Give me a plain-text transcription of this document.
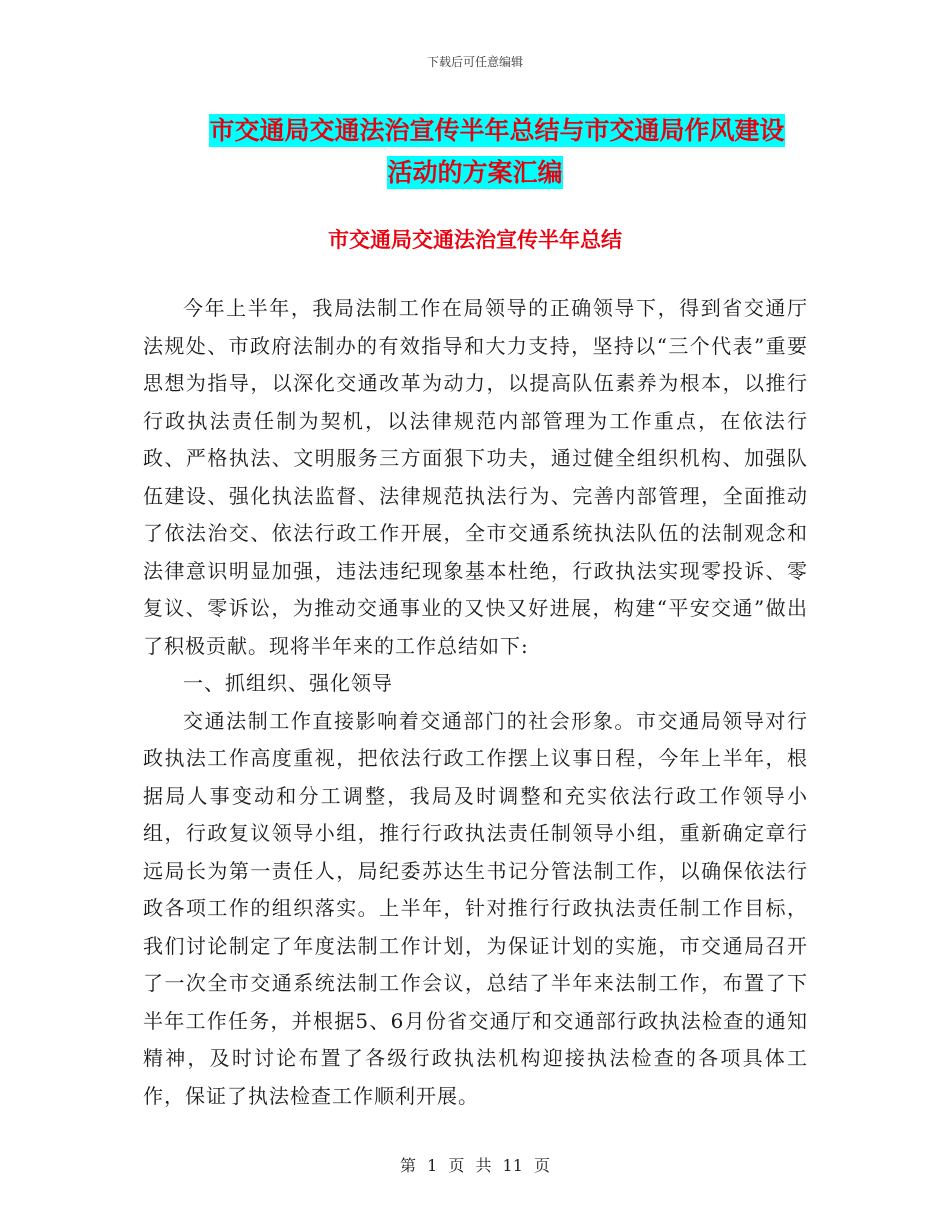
下载后可任意编辑
市交通局交通法治宣传半年总结与市交通局作风建设
活动的方案汇编
市交通局交通法治宣传半年总结

今年上半年，我局法制工作在局领导的正确领导下，得到省交通厅法规处、市政府法制办的有效指导和大力支持，坚持以“三个代表”重要思想为指导，以深化交通改革为动力，以提高队伍素养为根本，以推行行政执法责任制为契机，以法律规范内部管理为工作重点，在依法行政、严格执法、文明服务三方面狠下功夫，通过健全组织机构、加强队伍建设、强化执法监督、法律规范执法行为、完善内部管理，全面推动了依法治交、依法行政工作开展，全市交通系统执法队伍的法制观念和法律意识明显加强，违法违纪现象基本杜绝，行政执法实现零投诉、零复议、零诉讼，为推动交通事业的又快又好进展，构建“平安交通”做出了积极贡献。现将半年来的工作总结如下:

一、抓组织、强化领导

交通法制工作直接影响着交通部门的社会形象。市交通局领导对行政执法工作高度重视，把依法行政工作摆上议事日程，今年上半年，根据局人事变动和分工调整，我局及时调整和充实依法行政工作领导小组，行政复议领导小组，推行行政执法责任制领导小组，重新确定章行远局长为第一责任人，局纪委苏达生书记分管法制工作，以确保依法行政各项工作的组织落实。上半年，针对推行行政执法责任制工作目标，我们讨论制定了年度法制工作计划，为保证计划的实施，市交通局召开了一次全市交通系统法制工作会议，总结了半年来法制工作，布置了下半年工作任务，并根据5、6月份省交通厅和交通部行政执法检查的通知精神，及时讨论布置了各级行政执法机构迎接执法检查的各项具体工作，保证了执法检查工作顺利开展。

第 1 页 共 11 页
